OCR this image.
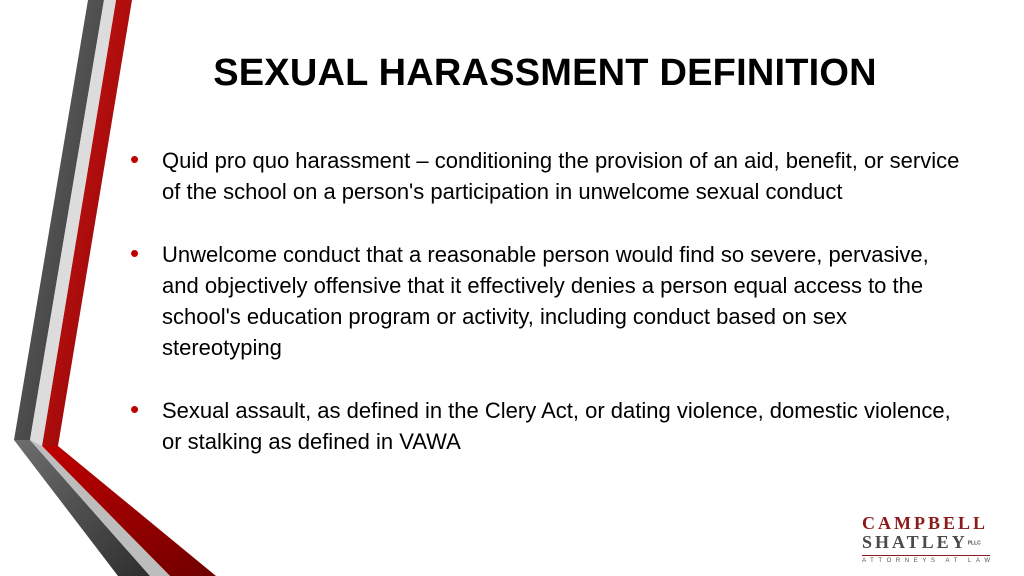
SEXUAL HARASSMENT DEFINITION
• Quid pro quo harassment – conditioning the provision of an aid, benefit, or service of the school on a person's participation in unwelcome sexual conduct
• Unwelcome conduct that a reasonable person would find so severe, pervasive, and objectively offensive that it effectively denies a person equal access to the school's education program or activity, including conduct based on sex stereotyping
• Sexual assault, as defined in the Clery Act, or dating violence, domestic violence, or stalking as defined in VAWA
CAMPBELL
SHATLEYPLLC
ATTORNEYS AT LAW
